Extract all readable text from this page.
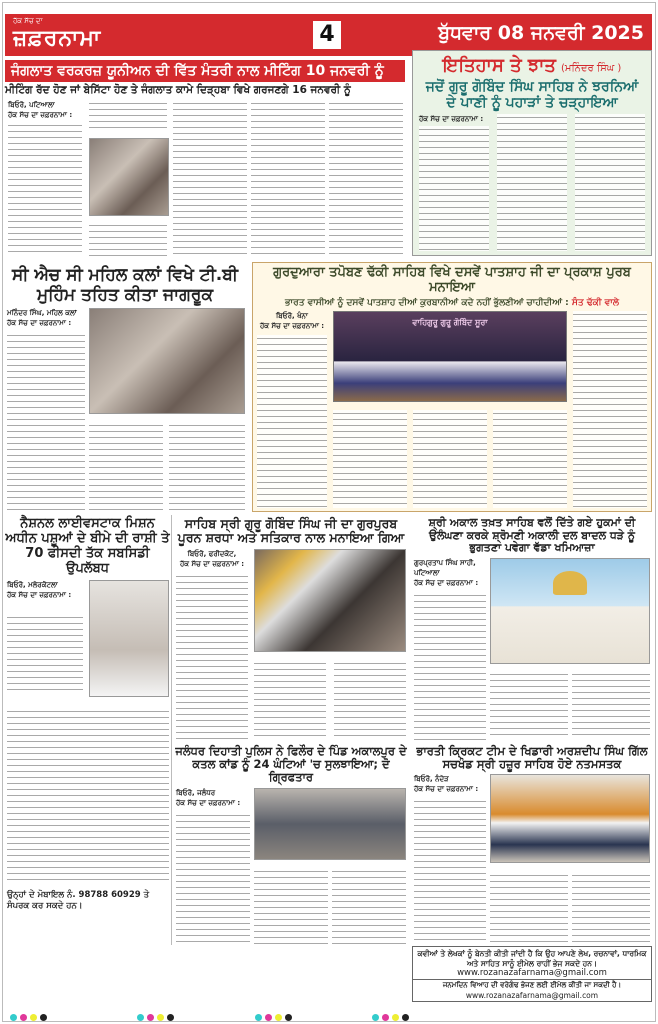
ਹੱਕ ਸੱਚ ਦਾ
ਜ਼ਫ਼ਰਨਾਮਾ	4	ਬੁੱਧਵਾਰ 08 ਜਨਵਰੀ 2025
ਜੰਗਲਾਤ ਵਰਕਰਜ਼ ਯੂਨੀਅਨ ਦੀ ਵਿੱਤ ਮੰਤਰੀ ਨਾਲ ਮੀਟਿੰਗ 10 ਜਨਵਰੀ ਨੂੰ
ਮੀਟਿੰਗ ਰੱਦ ਹੋਣ ਜਾਂ ਬੇਸਿੱਟਾ ਹੋਣ ਤੇ ਜੰਗਲਾਤ ਕਾਮੇ ਦਿੜ੍ਹਬਾ ਵਿਖੇ ਗਰਜਣਗੇ 16 ਜਨਵਰੀ ਨੂੰ
ਬਿਓਰੋ, ਪਟਿਆਲਾ
ਹੱਕ ਸੱਚ ਦਾ ਜ਼ਫ਼ਰਨਾਮਾ :
ਇਤਿਹਾਸ ਤੇ ਝਾਤ (ਮਨਿੰਦਰ ਸਿੰਘ )
ਜਦੋਂ ਗੁਰੂ ਗੋਬਿੰਦ ਸਿੰਘ ਸਾਹਿਬ ਨੇ ਝਰਨਿਆਂ ਦੇ ਪਾਣੀ ਨੂੰ ਪਹਾੜਾਂ ਤੇ ਚੜ੍ਹਾਇਆ
ਹੱਕ ਸੱਚ ਦਾ ਜ਼ਫ਼ਰਨਾਮਾ :
ਸੀ ਐਚ ਸੀ ਮਹਿਲ ਕਲਾਂ ਵਿਖੇ ਟੀ.ਬੀ ਮੁਹਿੰਮ ਤਹਿਤ ਕੀਤਾ ਜਾਗਰੂਕ
ਮਨਿੰਦਰ ਸਿੰਘ, ਮਹਿਲ ਕਲਾਂ
ਹੱਕ ਸੱਚ ਦਾ ਜ਼ਫ਼ਰਨਾਮਾ :
ਗੁਰਦੁਆਰਾ ਤਪੋਬਣ ਢੱਕੀ ਸਾਹਿਬ ਵਿਖੇ ਦਸਵੇਂ ਪਾਤਸ਼ਾਹ ਜੀ ਦਾ ਪ੍ਰਕਾਸ਼ ਪੁਰਬ ਮਨਾਇਆ
ਭਾਰਤ ਵਾਸੀਆਂ ਨੂੰ ਦਸਵੇਂ ਪਾਤਸ਼ਾਹ ਦੀਆਂ ਕੁਰਬਾਨੀਆਂ ਕਦੇ ਨਹੀਂ ਭੁੱਲਣੀਆਂ ਚਾਹੀਦੀਆਂ : ਸੰਤ ਢੱਕੀ ਵਾਲੇ
ਬਿਓਰੋ, ਖੰਨਾ
ਹੱਕ ਸੱਚ ਦਾ ਜ਼ਫ਼ਰਨਾਮਾ :	ਵਾਹਿਗੁਰੂ ਗੁਰੂ ਗੋਬਿੰਦ ਸੂਰਾ
ਨੈਸ਼ਨਲ ਲਾਈਵਸਟਾਕ ਮਿਸ਼ਨ ਅਧੀਨ ਪਸ਼ੂਆਂ ਦੇ ਬੀਮੇ ਦੀ ਰਾਸ਼ੀ ਤੇ 70 ਫੀਸਦੀ ਤੱਕ ਸਬਸਿਡੀ ਉਪਲੱਬਧ
ਬਿਓਰੋ, ਮਲੇਰਕੋਟਲਾ
ਹੱਕ ਸੱਚ ਦਾ ਜ਼ਫ਼ਰਨਾਮਾ :
ਉਨ੍ਹਾਂ ਦੇ ਮੋਬਾਇਲ ਨੰ. 98788 60929 ਤੇ ਸੰਪਰਕ ਕਰ ਸਕਦੇ ਹਨ।
ਸਾਹਿਬ ਸ੍ਰੀ ਗੁਰੂ ਗੋਬਿੰਦ ਸਿੰਘ ਜੀ ਦਾ ਗੁਰਪੁਰਬ ਪੂਰਨ ਸ਼ਰਧਾ ਅਤੇ ਸਤਿਕਾਰ ਨਾਲ ਮਨਾਇਆ ਗਿਆ
ਬਿਓਰੋ, ਫਰੀਦਕੋਟ,
ਹੱਕ ਸੱਚ ਦਾ ਜ਼ਫ਼ਰਨਾਮਾ :
ਸ਼੍ਰੀ ਅਕਾਲ ਤਖ਼ਤ ਸਾਹਿਬ ਵਲੋਂ ਦਿੱਤੇ ਗਏ ਹੁਕਮਾਂ ਦੀ ਉਲੰਘਣਾ ਕਰਕੇ ਸ਼੍ਰੋਮਣੀ ਅਕਾਲੀ ਦਲ ਬਾਦਲ ਧੜੇ ਨੂੰ ਭੁਗਤਣਾ ਪਵੇਗਾ ਵੱਡਾ ਖਮਿਆਜ਼ਾ
ਗੁਰਪ੍ਰਤਾਪ ਸਿੰਘ ਸਾਹੀ, ਪਟਿਆਲਾ
ਹੱਕ ਸੱਚ ਦਾ ਜ਼ਫ਼ਰਨਾਮਾ :
ਜਲੰਧਰ ਦਿਹਾਤੀ ਪੁਲਿਸ ਨੇ ਫਿਲੌਰ ਦੇ ਪਿੰਡ ਅਕਾਲਪੁਰ ਦੇ ਕਤਲ ਕਾਂਡ ਨੂੰ 24 ਘੰਟਿਆਂ 'ਚ ਸੁਲਝਾਇਆ; ਦੋ ਗ੍ਰਿਫਤਾਰ
ਬਿਓਰੋ, ਜਲੰਧਰ
ਹੱਕ ਸੱਚ ਦਾ ਜ਼ਫ਼ਰਨਾਮਾ :
ਭਾਰਤੀ ਕ੍ਰਿਕਟ ਟੀਮ ਦੇ ਖਿਡਾਰੀ ਅਰਸ਼ਦੀਪ ਸਿੰਘ ਗਿੱਲ ਸਚਖੰਡ ਸ੍ਰੀ ਹਜ਼ੂਰ ਸਾਹਿਬ ਹੋਏ ਨਤਮਸਤਕ
ਬਿਓਰੋ, ਨੰਦੇੜ
ਹੱਕ ਸੱਚ ਦਾ ਜ਼ਫ਼ਰਨਾਮਾ :
ਕਵੀਆਂ ਤੇ ਲੇਖਕਾਂ ਨੂੰ ਬੇਨਤੀ ਕੀਤੀ ਜਾਂਦੀ ਹੈ ਕਿ ਉਹ ਆਪਣੇ ਲੇਖ, ਰਚਨਾਵਾਂ, ਧਾਰਮਿਕ ਅਤੇ ਸਾਹਿਤ ਸਾਨੂੰ ਈਮੇਲ ਰਾਹੀਂ ਭੇਜ ਸਕਦੇ ਹਨ।
www.rozanazafarnama@gmail.com
ਜਨਮਦਿਨ ਵਿਆਹ ਦੀ ਵਰੇਗੰਢ ਭੇਜਣ ਲਈ ਈਮੇਲ ਕੀਤੀ ਜਾ ਸਕਦੀ ਹੈ।
www.rozanazafarnama@gmail.com
